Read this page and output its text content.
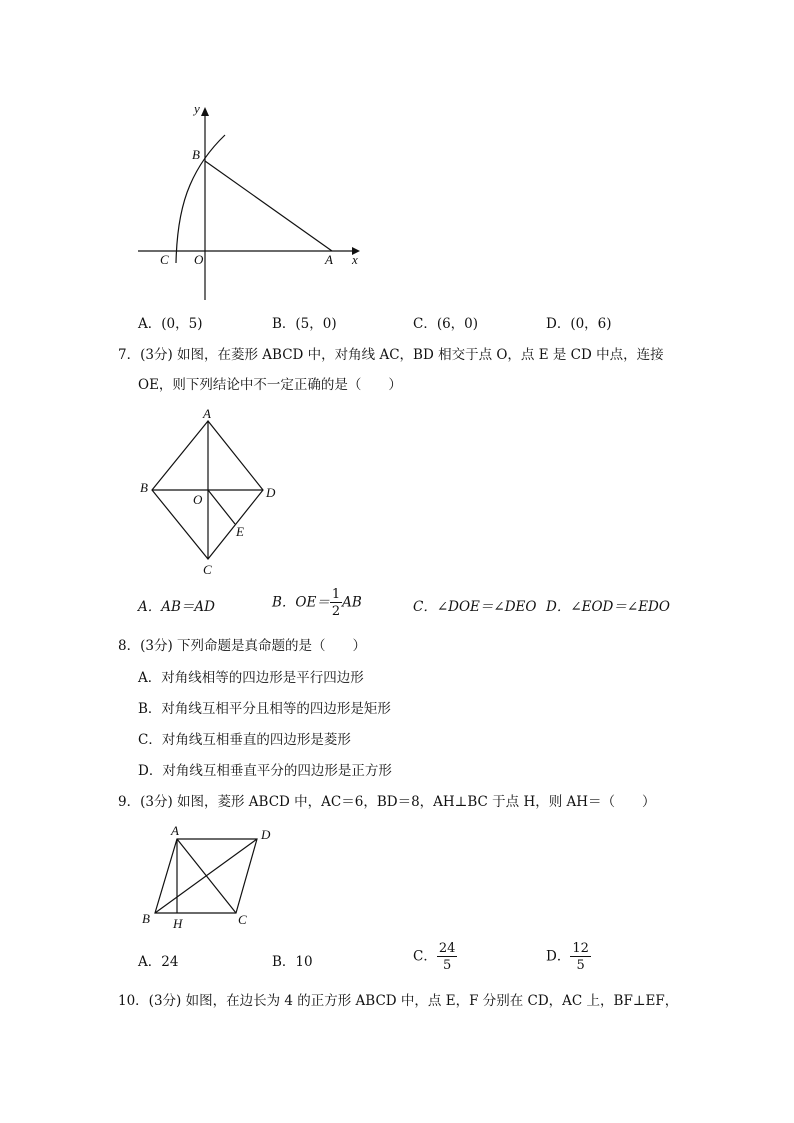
y
B
C O	A x
A．(0，5)	B．(5，0)	C．(6，0)	D．(0，6)
7．(3分) 如图，在菱形 ABCD 中，对角线 AC，BD 相交于点 O，点 E 是 CD 中点，连接
OE，则下列结论中不一定正确的是（　　）
A
B
O	D
E
C
A．AB＝AD	B．$OE= \frac{1}{2}$ AB	C．∠DOE＝∠DEO D．∠EOD＝∠EDO
8．(3分) 下列命题是真命题的是（　　）
A．对角线相等的四边形是平行四边形
B．对角线互相平分且相等的四边形是矩形
C．对角线互相垂直的四边形是菱形
D．对角线互相垂直平分的四边形是正方形
9．(3分) 如图，菱形 ABCD 中，AC＝6，BD＝8，AH⊥BC 于点 H，则 AH＝（　　）
A	D
B H	C
A．24	B．10	C． $\frac{24}{5}$	D． $\frac{12}{5}$
10．(3分) 如图，在边长为 4 的正方形 ABCD 中，点 E，F 分别在 CD，AC 上，BF⊥EF，
